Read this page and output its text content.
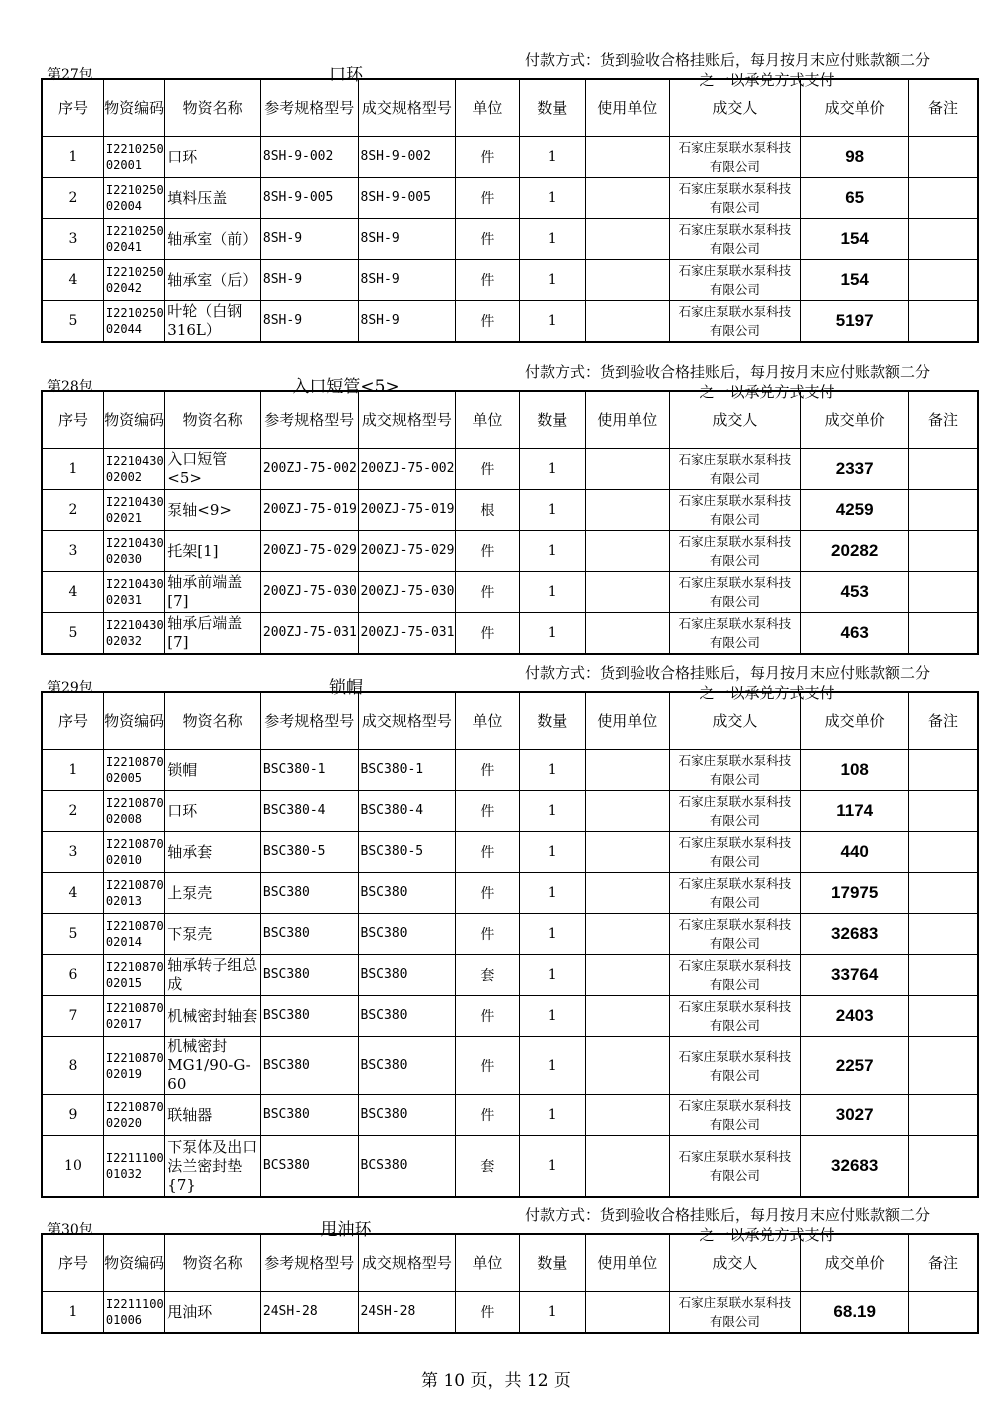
第27包	口环
付款方式：货到验收合格挂账后，每月按月末应付账款额二分
之一以承兑方式支付
序号	物资编码	物资名称	参考规格型号	成交规格型号	单位	数量	使用单位	成交人	成交单价	备注
1	I221025002001	口环	8SH-9-002	8SH-9-002	件	1		石家庄泵联水泵科技有限公司	98	
2	I221025002004	填料压盖	8SH-9-005	8SH-9-005	件	1		石家庄泵联水泵科技有限公司	65	
3	I221025002041	轴承室（前）	8SH-9	8SH-9	件	1		石家庄泵联水泵科技有限公司	154	
4	I221025002042	轴承室（后）	8SH-9	8SH-9	件	1		石家庄泵联水泵科技有限公司	154	
5	I221025002044	叶轮（白钢316L）	8SH-9	8SH-9	件	1		石家庄泵联水泵科技有限公司	5197	
第28包	入口短管<5>
付款方式：货到验收合格挂账后，每月按月末应付账款额二分
之一以承兑方式支付
序号	物资编码	物资名称	参考规格型号	成交规格型号	单位	数量	使用单位	成交人	成交单价	备注
1	I221043002002	入口短管<5>	200ZJ-75-002	200ZJ-75-002	件	1		石家庄泵联水泵科技有限公司	2337	
2	I221043002021	泵轴<9>	200ZJ-75-019	200ZJ-75-019	根	1		石家庄泵联水泵科技有限公司	4259	
3	I221043002030	托架[1]	200ZJ-75-029	200ZJ-75-029	件	1		石家庄泵联水泵科技有限公司	20282	
4	I221043002031	轴承前端盖[7]	200ZJ-75-030	200ZJ-75-030	件	1		石家庄泵联水泵科技有限公司	453	
5	I221043002032	轴承后端盖[7]	200ZJ-75-031	200ZJ-75-031	件	1		石家庄泵联水泵科技有限公司	463	
第29包	锁帽
付款方式：货到验收合格挂账后，每月按月末应付账款额二分
之一以承兑方式支付
序号	物资编码	物资名称	参考规格型号	成交规格型号	单位	数量	使用单位	成交人	成交单价	备注
1	I221087002005	锁帽	BSC380-1	BSC380-1	件	1		石家庄泵联水泵科技有限公司	108	
2	I221087002008	口环	BSC380-4	BSC380-4	件	1		石家庄泵联水泵科技有限公司	1174	
3	I221087002010	轴承套	BSC380-5	BSC380-5	件	1		石家庄泵联水泵科技有限公司	440	
4	I221087002013	上泵壳	BSC380	BSC380	件	1		石家庄泵联水泵科技有限公司	17975	
5	I221087002014	下泵壳	BSC380	BSC380	件	1		石家庄泵联水泵科技有限公司	32683	
6	I221087002015	轴承转子组总成	BSC380	BSC380	套	1		石家庄泵联水泵科技有限公司	33764	
7	I221087002017	机械密封轴套	BSC380	BSC380	件	1		石家庄泵联水泵科技有限公司	2403	
8	I221087002019	机械密封MG1/90-G-60	BSC380	BSC380	件	1		石家庄泵联水泵科技有限公司	2257	
9	I221087002020	联轴器	BSC380	BSC380	件	1		石家庄泵联水泵科技有限公司	3027	
10	I221110001032	下泵体及出口法兰密封垫{7}	BCS380	BCS380	套	1		石家庄泵联水泵科技有限公司	32683	
第30包	甩油环
付款方式：货到验收合格挂账后，每月按月末应付账款额二分
之一以承兑方式支付
序号	物资编码	物资名称	参考规格型号	成交规格型号	单位	数量	使用单位	成交人	成交单价	备注
1	I221110001006	甩油环	24SH-28	24SH-28	件	1		石家庄泵联水泵科技有限公司	68.19	
第 10 页，共 12 页
